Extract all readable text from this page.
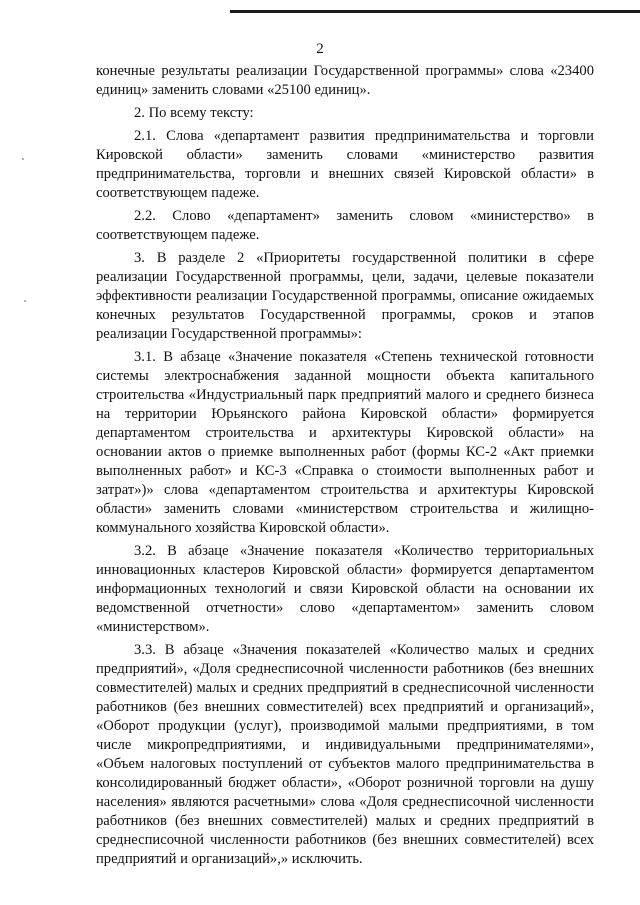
2

конечные результаты реализации Государственной программы» слова «23400 единиц» заменить словами «25100 единиц».

2. По всему тексту:

2.1. Слова «департамент развития предпринимательства и торговли Кировской области» заменить словами «министерство развития предпринимательства, торговли и внешних связей Кировской области» в соответствующем падеже.

2.2. Слово «департамент» заменить словом «министерство» в соответствующем падеже.

3. В разделе 2 «Приоритеты государственной политики в сфере реализации Государственной программы, цели, задачи, целевые показатели эффективности реализации Государственной программы, описание ожидаемых конечных результатов Государственной программы, сроков и этапов реализации Государственной программы»:

3.1. В абзаце «Значение показателя «Степень технической готовности системы электроснабжения заданной мощности объекта капитального строительства «Индустриальный парк предприятий малого и среднего бизнеса на территории Юрьянского района Кировской области» формируется департаментом строительства и архитектуры Кировской области» на основании актов о приемке выполненных работ (формы КС-2 «Акт приемки выполненных работ» и КС-3 «Справка о стоимости выполненных работ и затрат»)» слова «департаментом строительства и архитектуры Кировской области» заменить словами «министерством строительства и жилищно-коммунального хозяйства Кировской области».

3.2. В абзаце «Значение показателя «Количество территориальных инновационных кластеров Кировской области» формируется департаментом информационных технологий и связи Кировской области на основании их ведомственной отчетности» слово «департаментом» заменить словом «министерством».

3.3. В абзаце «Значения показателей «Количество малых и средних предприятий», «Доля среднесписочной численности работников (без внешних совместителей) малых и средних предприятий в среднесписочной численности работников (без внешних совместителей) всех предприятий и организаций», «Оборот продукции (услуг), производимой малыми предприятиями, в том числе микропредприятиями, и индивидуальными предпринимателями», «Объем налоговых поступлений от субъектов малого предпринимательства в консолидированный бюджет области», «Оборот розничной торговли на душу населения» являются расчетными» слова «Доля среднесписочной численности работников (без внешних совместителей) малых и средних предприятий в среднесписочной численности работников (без внешних совместителей) всех предприятий и организаций»,» исключить.
